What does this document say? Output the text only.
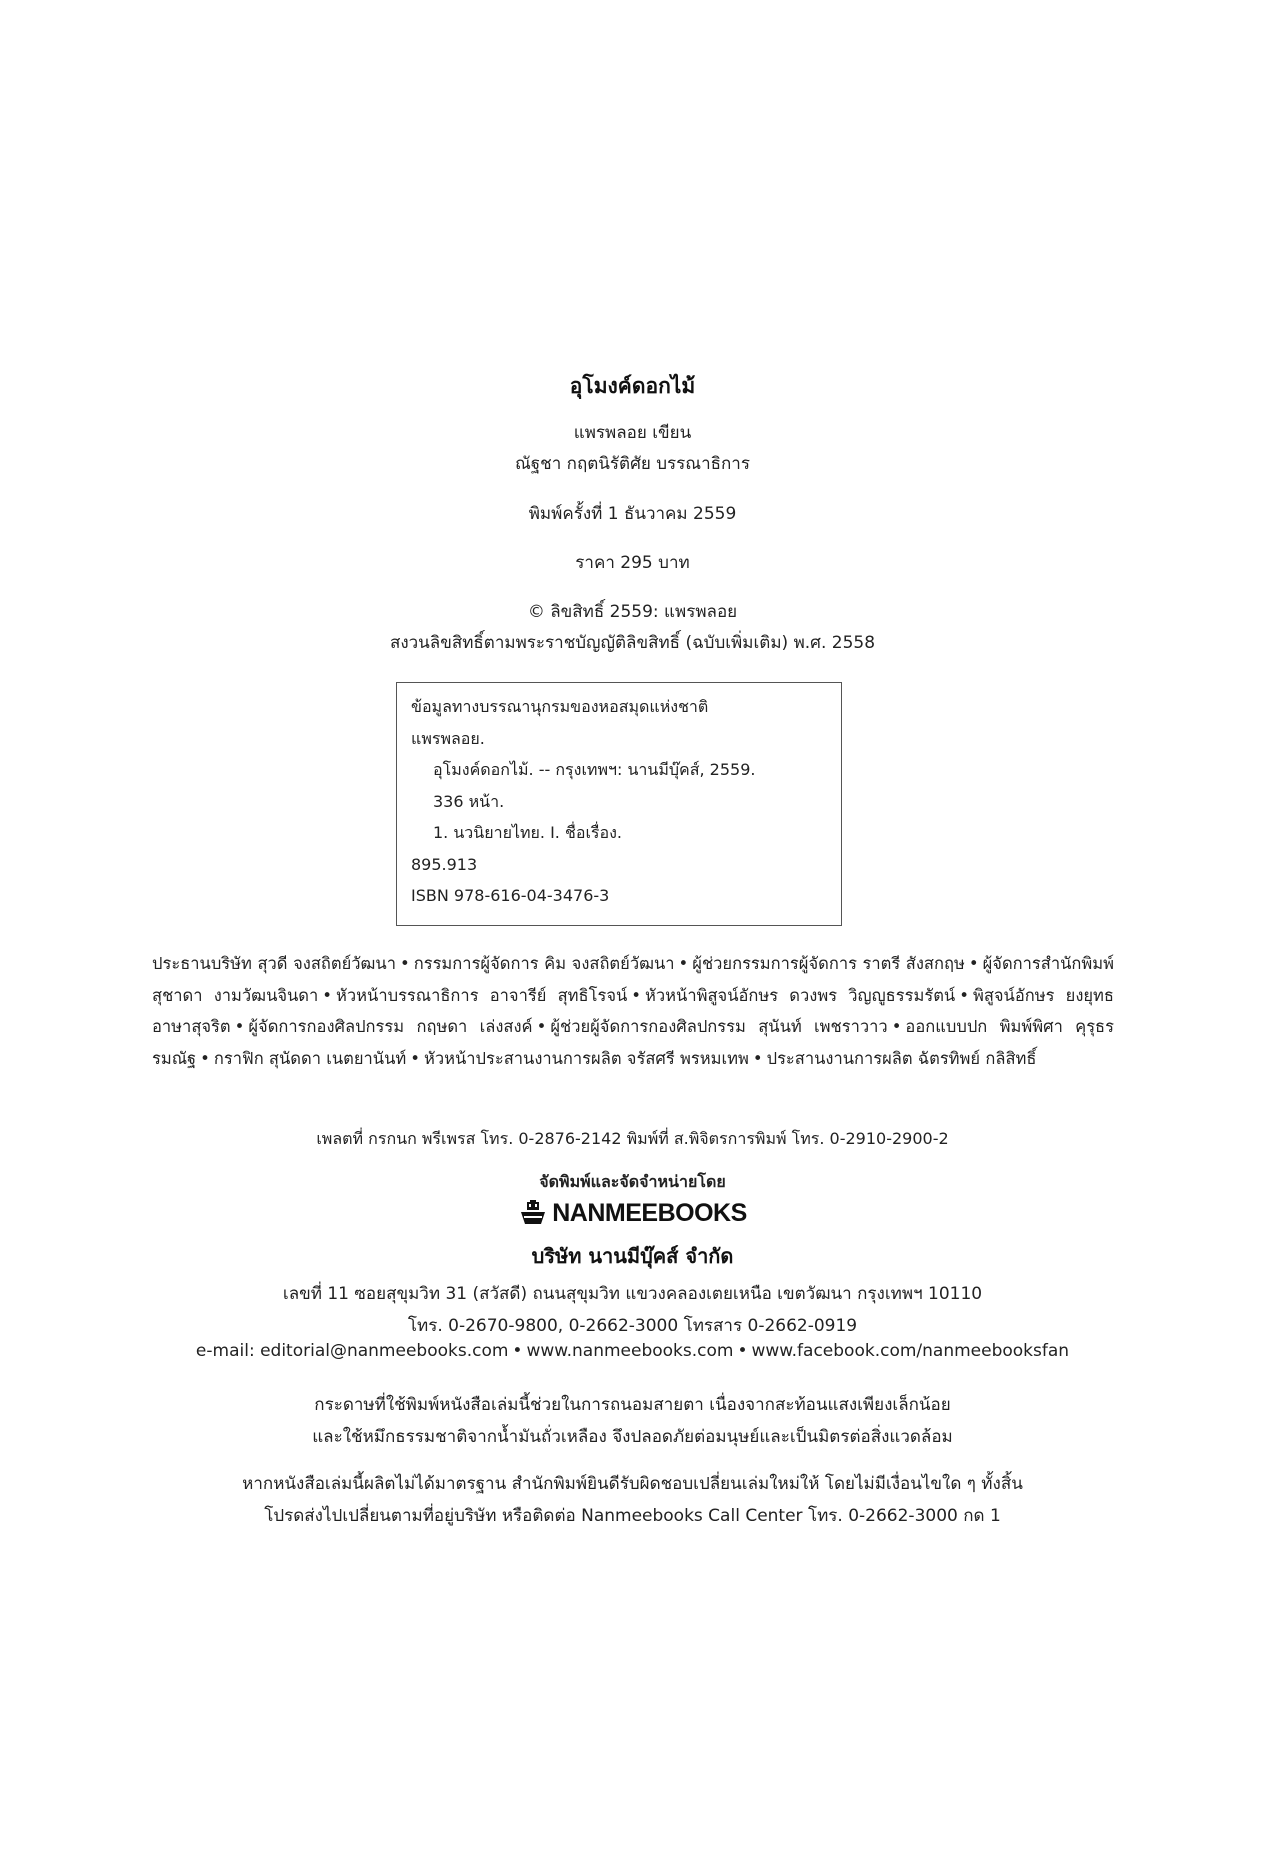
อุโมงค์ดอกไม้
แพรพลอย เขียน
ณัฐชา กฤตนิรัติศัย บรรณาธิการ
พิมพ์ครั้งที่ 1 ธันวาคม 2559
ราคา 295 บาท
© ลิขสิทธิ์ 2559: แพรพลอย
สงวนลิขสิทธิ์ตามพระราชบัญญัติลิขสิทธิ์ (ฉบับเพิ่มเติม) พ.ศ. 2558
ข้อมูลทางบรรณานุกรมของหอสมุดแห่งชาติ
แพรพลอย.
อุโมงค์ดอกไม้. -- กรุงเทพฯ: นานมีบุ๊คส์, 2559.
336 หน้า.
1. นวนิยายไทย. I. ชื่อเรื่อง.
895.913
ISBN 978-616-04-3476-3
ประธานบริษัท สุวดี จงสถิตย์วัฒนา • กรรมการผู้จัดการ คิม จงสถิตย์วัฒนา • ผู้ช่วยกรรมการผู้จัดการ ราตรี สังสกฤษ • ผู้จัดการสำนักพิมพ์ สุชาดา งามวัฒนจินดา • หัวหน้าบรรณาธิการ อาจารีย์ สุทธิโรจน์ • หัวหน้าพิสูจน์อักษร ดวงพร วิญญูธรรมรัตน์ • พิสูจน์อักษร ยงยุทธ อาษาสุจริต • ผู้จัดการกองศิลปกรรม กฤษดา เล่งสงค์ • ผู้ช่วยผู้จัดการกองศิลปกรรม สุนันท์ เพชราวาว • ออกแบบปก พิมพ์พิศา คุรุธรรมณัฐ • กราฟิก สุนัดดา เนตยานันท์ • หัวหน้าประสานงานการผลิต จรัสศรี พรหมเทพ • ประสานงานการผลิต ฉัตรทิพย์ กลิสิทธิ์
เพลตที่ กรกนก พรีเพรส โทร. 0-2876-2142 พิมพ์ที่ ส.พิจิตรการพิมพ์ โทร. 0-2910-2900-2
จัดพิมพ์และจัดจำหน่ายโดย
NANMEEBOOKS
บริษัท นานมีบุ๊คส์ จำกัด
เลขที่ 11 ซอยสุขุมวิท 31 (สวัสดี) ถนนสุขุมวิท แขวงคลองเตยเหนือ เขตวัฒนา กรุงเทพฯ 10110
โทร. 0-2670-9800, 0-2662-3000 โทรสาร 0-2662-0919
e-mail: editorial@nanmeebooks.com • www.nanmeebooks.com • www.facebook.com/nanmeebooksfan
กระดาษที่ใช้พิมพ์หนังสือเล่มนี้ช่วยในการถนอมสายตา เนื่องจากสะท้อนแสงเพียงเล็กน้อย
และใช้หมึกธรรมชาติจากน้ำมันถั่วเหลือง จึงปลอดภัยต่อมนุษย์และเป็นมิตรต่อสิ่งแวดล้อม
หากหนังสือเล่มนี้ผลิตไม่ได้มาตรฐาน สำนักพิมพ์ยินดีรับผิดชอบเปลี่ยนเล่มใหม่ให้ โดยไม่มีเงื่อนไขใด ๆ ทั้งสิ้น
โปรดส่งไปเปลี่ยนตามที่อยู่บริษัท หรือติดต่อ Nanmeebooks Call Center โทร. 0-2662-3000 กด 1
